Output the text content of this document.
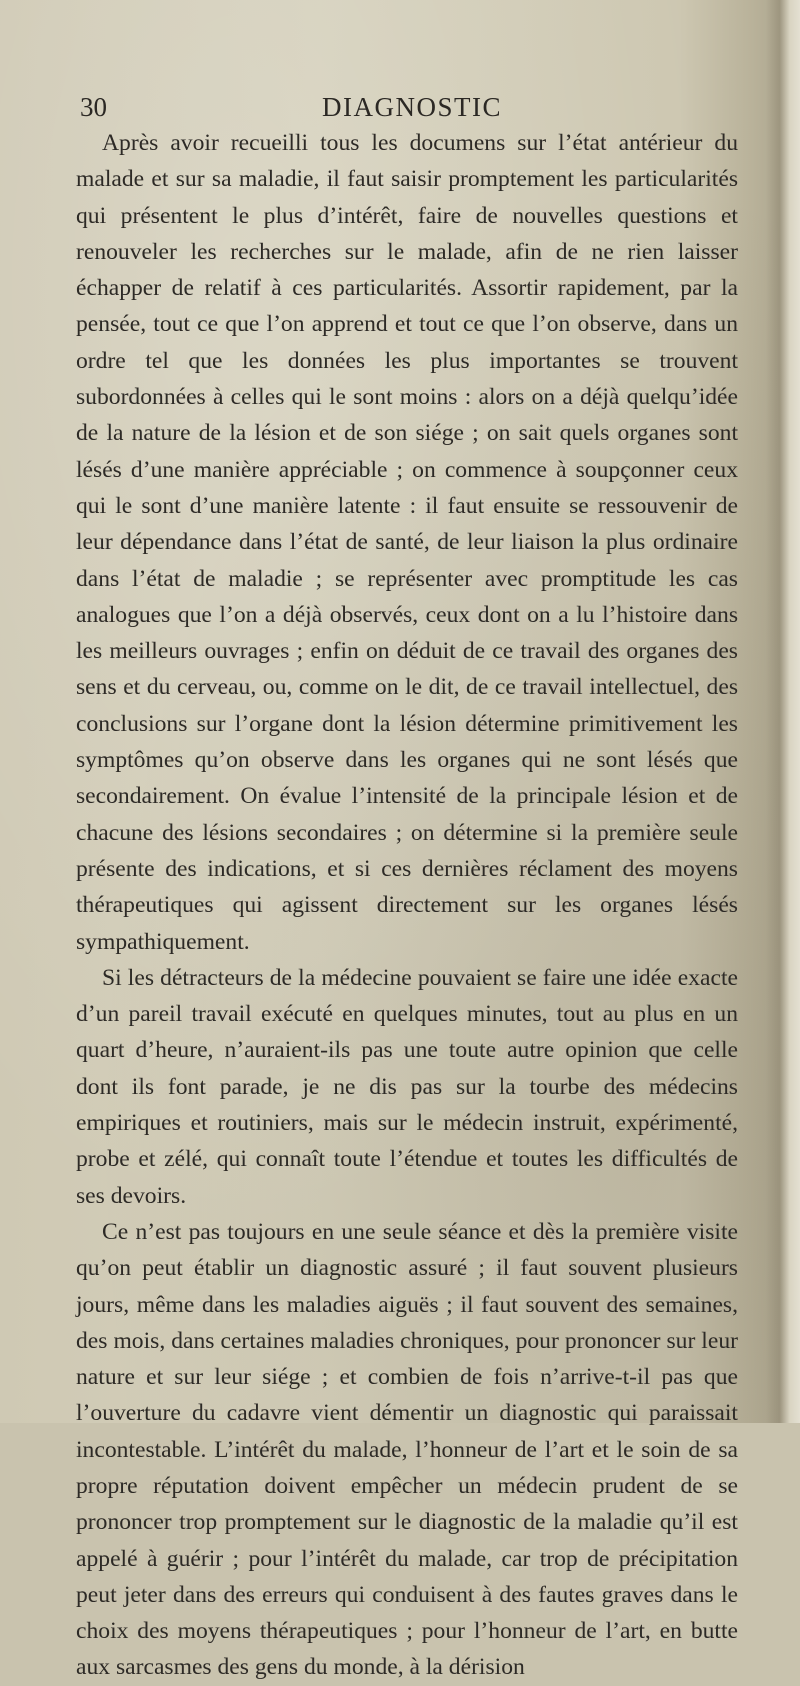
30	DIAGNOSTIC

Après avoir recueilli tous les documens sur l’état antérieur du malade et sur sa maladie, il faut saisir promptement les particularités qui présentent le plus d’intérêt, faire de nouvelles questions et renouveler les recherches sur le malade, afin de ne rien laisser échapper de relatif à ces particularités. Assortir rapidement, par la pensée, tout ce que l’on apprend et tout ce que l’on observe, dans un ordre tel que les données les plus importantes se trouvent subordonnées à celles qui le sont moins : alors on a déjà quelqu’idée de la nature de la lésion et de son siége ; on sait quels organes sont lésés d’une manière appréciable ; on commence à soupçonner ceux qui le sont d’une manière latente : il faut ensuite se ressouvenir de leur dépendance dans l’état de santé, de leur liaison la plus ordinaire dans l’état de maladie ; se représenter avec promptitude les cas analogues que l’on a déjà observés, ceux dont on a lu l’histoire dans les meilleurs ouvrages ; enfin on déduit de ce travail des organes des sens et du cerveau, ou, comme on le dit, de ce travail intellectuel, des conclusions sur l’organe dont la lésion détermine primitivement les symptômes qu’on observe dans les organes qui ne sont lésés que secondairement. On évalue l’intensité de la principale lésion et de chacune des lésions secondaires ; on détermine si la première seule présente des indications, et si ces dernières réclament des moyens thérapeutiques qui agissent directement sur les organes lésés sympathiquement.

Si les détracteurs de la médecine pouvaient se faire une idée exacte d’un pareil travail exécuté en quelques minutes, tout au plus en un quart d’heure, n’auraient-ils pas une toute autre opinion que celle dont ils font parade, je ne dis pas sur la tourbe des médecins empiriques et routiniers, mais sur le médecin instruit, expérimenté, probe et zélé, qui connaît toute l’étendue et toutes les difficultés de ses devoirs.

Ce n’est pas toujours en une seule séance et dès la première visite qu’on peut établir un diagnostic assuré ; il faut souvent plusieurs jours, même dans les maladies aiguës ; il faut souvent des semaines, des mois, dans certaines maladies chroniques, pour prononcer sur leur nature et sur leur siége ; et combien de fois n’arrive-t-il pas que l’ouverture du cadavre vient démentir un diagnostic qui paraissait incontestable. L’intérêt du malade, l’honneur de l’art et le soin de sa propre réputation doivent empêcher un médecin prudent de se prononcer trop promptement sur le diagnostic de la maladie qu’il est appelé à guérir ; pour l’intérêt du malade, car trop de précipitation peut jeter dans des erreurs qui conduisent à des fautes graves dans le choix des moyens thérapeutiques ; pour l’honneur de l’art, en butte aux sarcasmes des gens du monde, à la dérision
